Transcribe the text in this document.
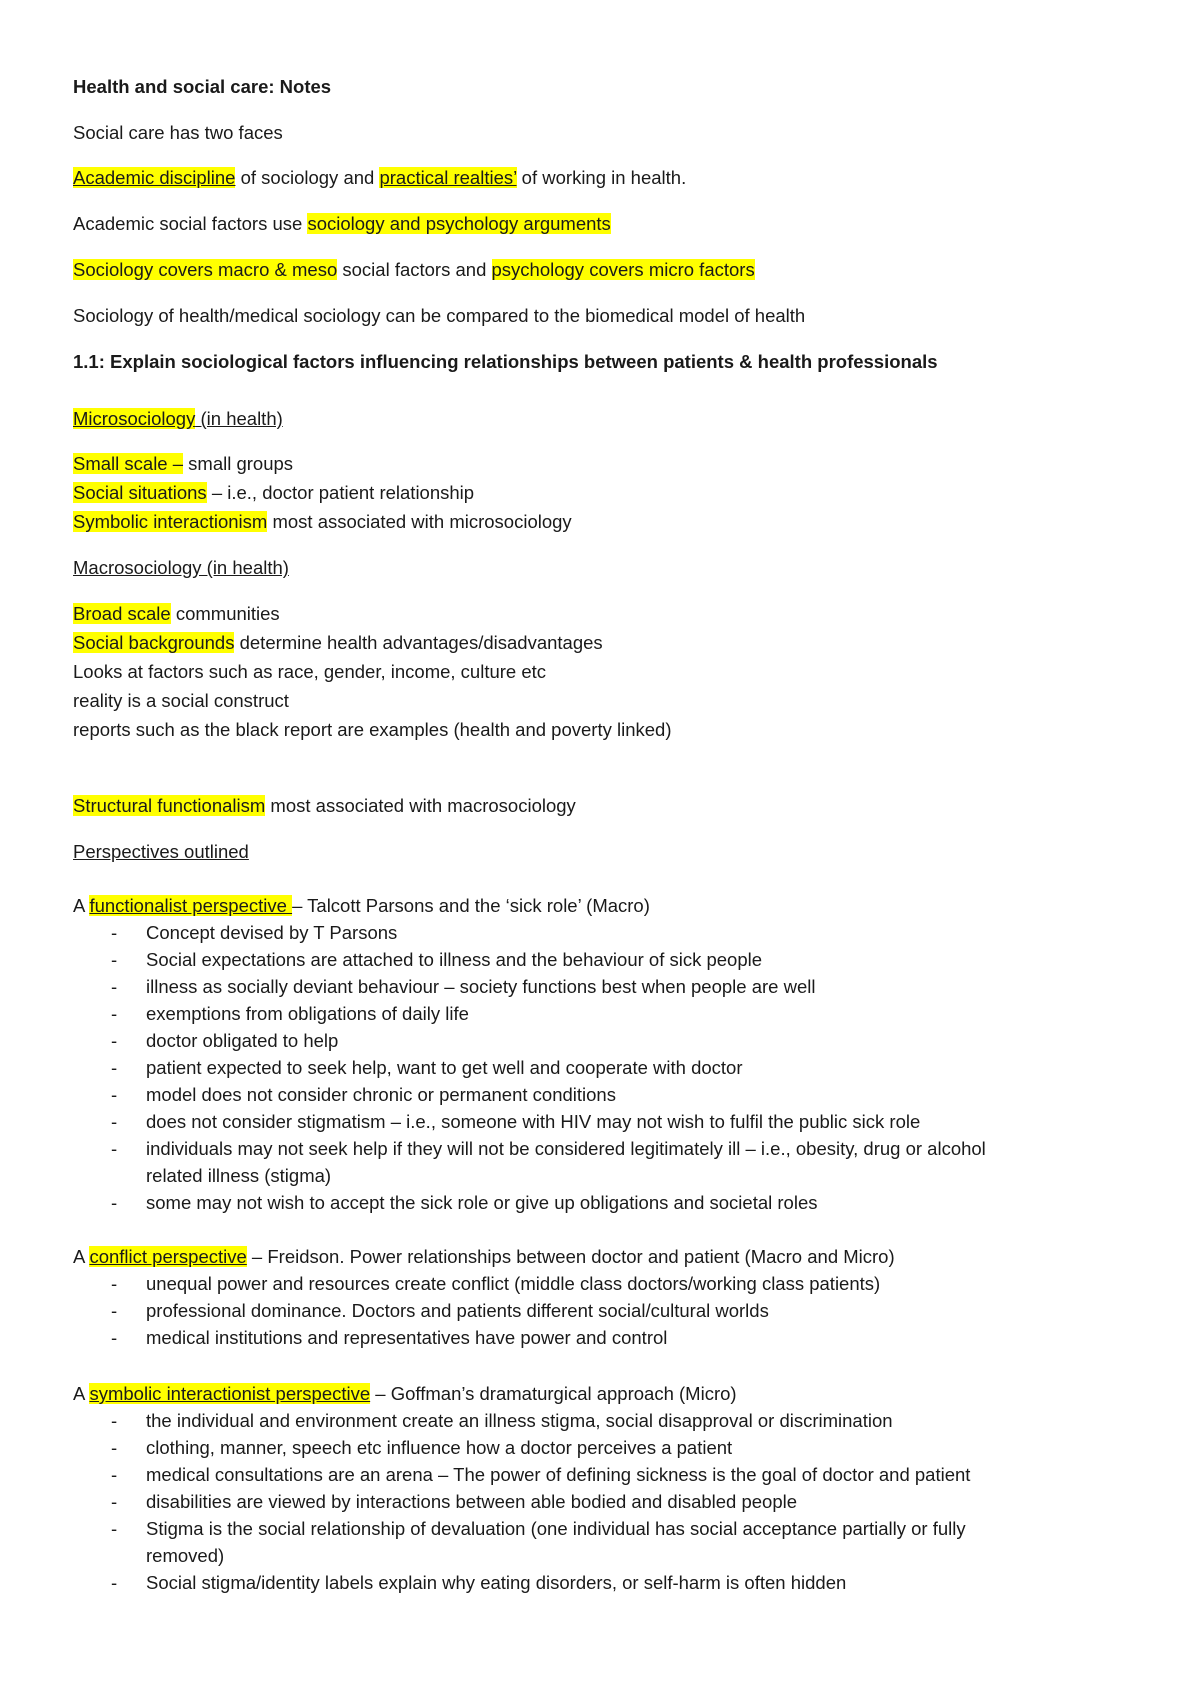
Health and social care: Notes
Social care has two faces
Academic discipline of sociology and practical realties’ of working in health.
Academic social factors use sociology and psychology arguments
Sociology covers macro & meso social factors and psychology covers micro factors
Sociology of health/medical sociology can be compared to the biomedical model of health
1.1: Explain sociological factors influencing relationships between patients & health professionals
Microsociology (in health)
Small scale – small groups
Social situations – i.e., doctor patient relationship
Symbolic interactionism most associated with microsociology
Macrosociology (in health)
Broad scale communities
Social backgrounds determine health advantages/disadvantages
Looks at factors such as race, gender, income, culture etc
reality is a social construct
reports such as the black report are examples (health and poverty linked)
Structural functionalism most associated with macrosociology
Perspectives outlined
A functionalist perspective – Talcott Parsons and the ‘sick role’ (Macro)
- Concept devised by T Parsons
- Social expectations are attached to illness and the behaviour of sick people
- illness as socially deviant behaviour – society functions best when people are well
- exemptions from obligations of daily life
- doctor obligated to help
- patient expected to seek help, want to get well and cooperate with doctor
- model does not consider chronic or permanent conditions
- does not consider stigmatism – i.e., someone with HIV may not wish to fulfil the public sick role
- individuals may not seek help if they will not be considered legitimately ill – i.e., obesity, drug or alcohol
related illness (stigma)
- some may not wish to accept the sick role or give up obligations and societal roles
A conflict perspective – Freidson. Power relationships between doctor and patient (Macro and Micro)
- unequal power and resources create conflict (middle class doctors/working class patients)
- professional dominance. Doctors and patients different social/cultural worlds
- medical institutions and representatives have power and control
A symbolic interactionist perspective – Goffman’s dramaturgical approach (Micro)
- the individual and environment create an illness stigma, social disapproval or discrimination
- clothing, manner, speech etc influence how a doctor perceives a patient
- medical consultations are an arena – The power of defining sickness is the goal of doctor and patient
- disabilities are viewed by interactions between able bodied and disabled people
- Stigma is the social relationship of devaluation (one individual has social acceptance partially or fully
removed)
- Social stigma/identity labels explain why eating disorders, or self-harm is often hidden
